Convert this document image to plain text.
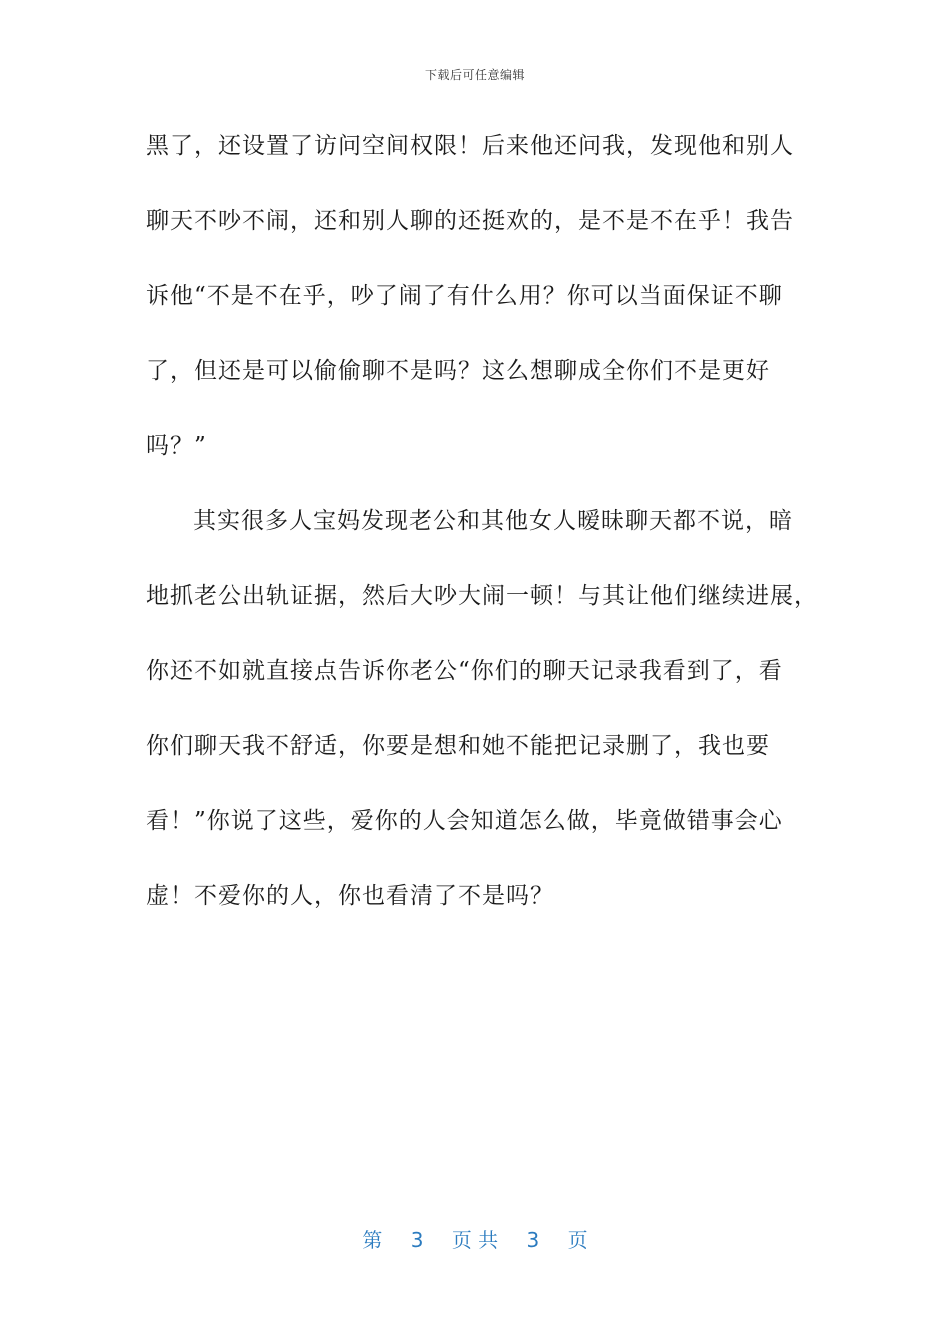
下载后可任意编辑
黑了，还设置了访问空间权限！后来他还问我，发现他和别人
聊天不吵不闹，还和别人聊的还挺欢的，是不是不在乎！我告
诉他“不是不在乎，吵了闹了有什么用？你可以当面保证不聊
了，但还是可以偷偷聊不是吗？这么想聊成全你们不是更好
吗？”
其实很多人宝妈发现老公和其他女人暧昧聊天都不说，暗
地抓老公出轨证据，然后大吵大闹一顿！与其让他们继续进展，
你还不如就直接点告诉你老公“你们的聊天记录我看到了，看
你们聊天我不舒适，你要是想和她不能把记录删了，我也要
看！”你说了这些，爱你的人会知道怎么做，毕竟做错事会心
虚！不爱你的人，你也看清了不是吗？
第 3 页 共 3 页
